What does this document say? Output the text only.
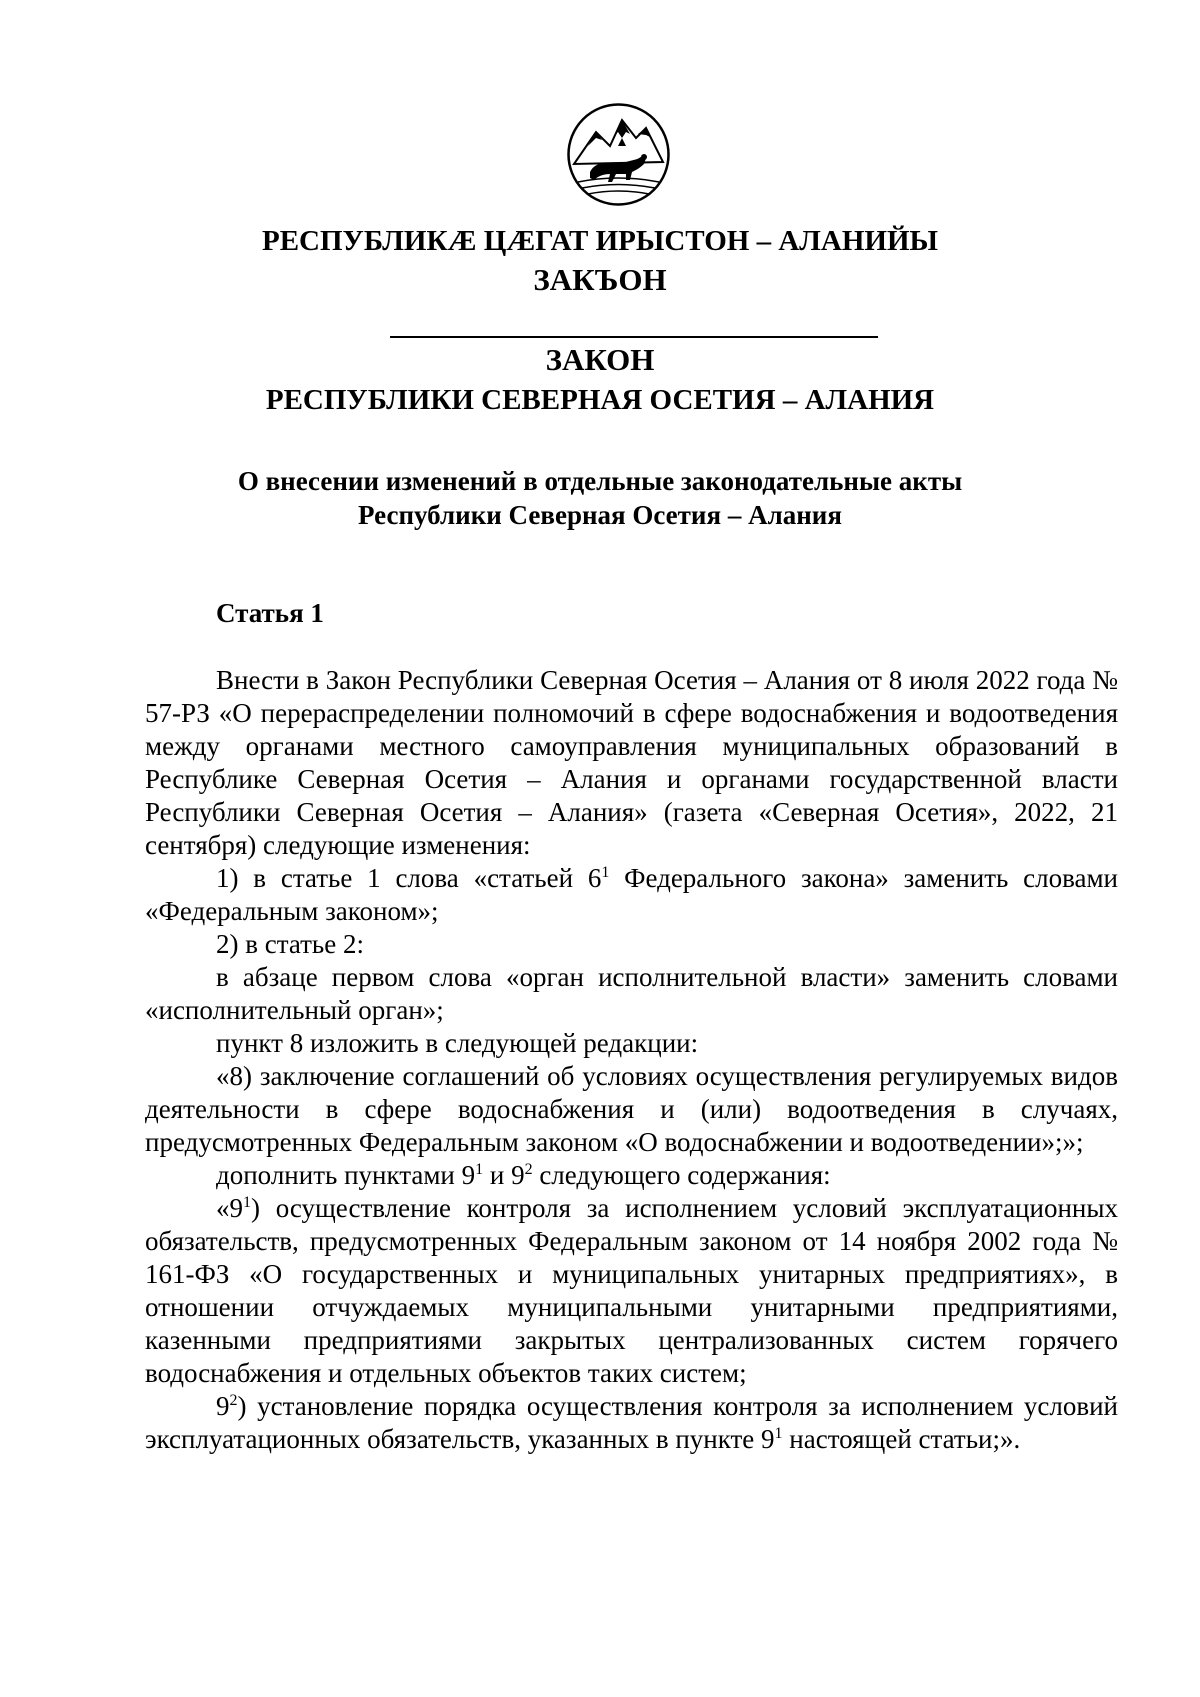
РЕСПУБЛИКӔ ЦӔГАТ ИРЫСТОН – АЛАНИЙЫ

ЗАКЪОН

ЗАКОН

РЕСПУБЛИКИ СЕВЕРНАЯ ОСЕТИЯ – АЛАНИЯ

О внесении изменений в отдельные законодательные акты

Республики Северная Осетия – Алания

Статья 1

Внести в Закон Республики Северная Осетия – Алания от 8 июля 2022 года № 57-РЗ «О перераспределении полномочий в сфере водоснабжения и водоотведения между органами местного самоуправления муниципальных образований в Республике Северная Осетия – Алания и органами государственной власти Республики Северная Осетия – Алания» (газета «Северная Осетия», 2022, 21 сентября) следующие изменения:

1) в статье 1 слова «статьей $6^1$ Федерального закона» заменить словами «Федеральным законом»;

2) в статье 2:

в абзаце первом слова «орган исполнительной власти» заменить словами «исполнительный орган»;

пункт 8 изложить в следующей редакции:

«8) заключение соглашений об условиях осуществления регулируемых видов деятельности в сфере водоснабжения и (или) водоотведения в случаях, предусмотренных Федеральным законом «О водоснабжении и водоотведении»;»;

дополнить пунктами $9^1$ и $9^2$ следующего содержания:

«$9^1$) осуществление контроля за исполнением условий эксплуатационных обязательств, предусмотренных Федеральным законом от 14 ноября 2002 года № 161-ФЗ «О государственных и муниципальных унитарных предприятиях», в отношении отчуждаемых муниципальными унитарными предприятиями, казенными предприятиями закрытых централизованных систем горячего водоснабжения и отдельных объектов таких систем;

$9^2$) установление порядка осуществления контроля за исполнением условий эксплуатационных обязательств, указанных в пункте $9^1$ настоящей статьи;».
